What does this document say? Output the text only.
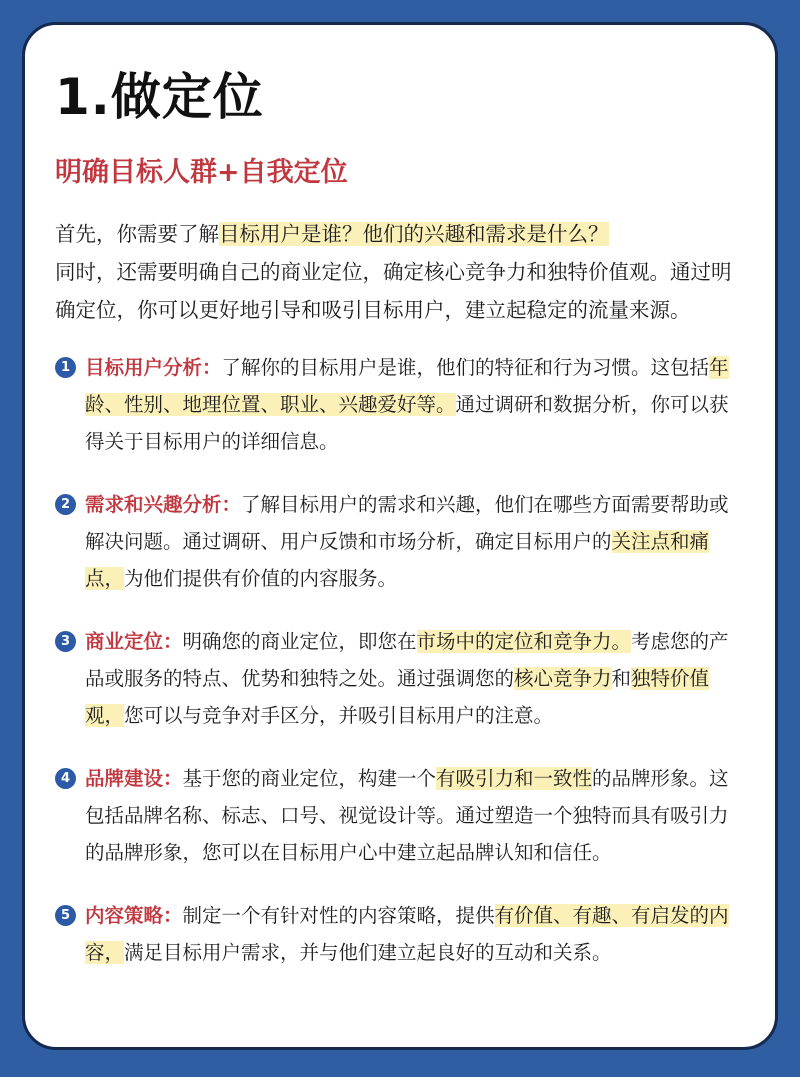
1.做定位
明确目标人群+自我定位
首先，你需要了解目标用户是谁？他们的兴趣和需求是什么？
同时，还需要明确自己的商业定位，确定核心竞争力和独特价值观。通过明确定位，你可以更好地引导和吸引目标用户，建立起稳定的流量来源。
1 目标用户分析：了解你的目标用户是谁，他们的特征和行为习惯。这包括年龄、性别、地理位置、职业、兴趣爱好等。通过调研和数据分析，你可以获得关于目标用户的详细信息。
2 需求和兴趣分析：了解目标用户的需求和兴趣，他们在哪些方面需要帮助或解决问题。通过调研、用户反馈和市场分析，确定目标用户的关注点和痛点，为他们提供有价值的内容服务。
3 商业定位：明确您的商业定位，即您在市场中的定位和竞争力。考虑您的产品或服务的特点、优势和独特之处。通过强调您的核心竞争力和独特价值观，您可以与竞争对手区分，并吸引目标用户的注意。
4 品牌建设：基于您的商业定位，构建一个有吸引力和一致性的品牌形象。这包括品牌名称、标志、口号、视觉设计等。通过塑造一个独特而具有吸引力的品牌形象，您可以在目标用户心中建立起品牌认知和信任。
5 内容策略：制定一个有针对性的内容策略，提供有价值、有趣、有启发的内容，满足目标用户需求，并与他们建立起良好的互动和关系。
